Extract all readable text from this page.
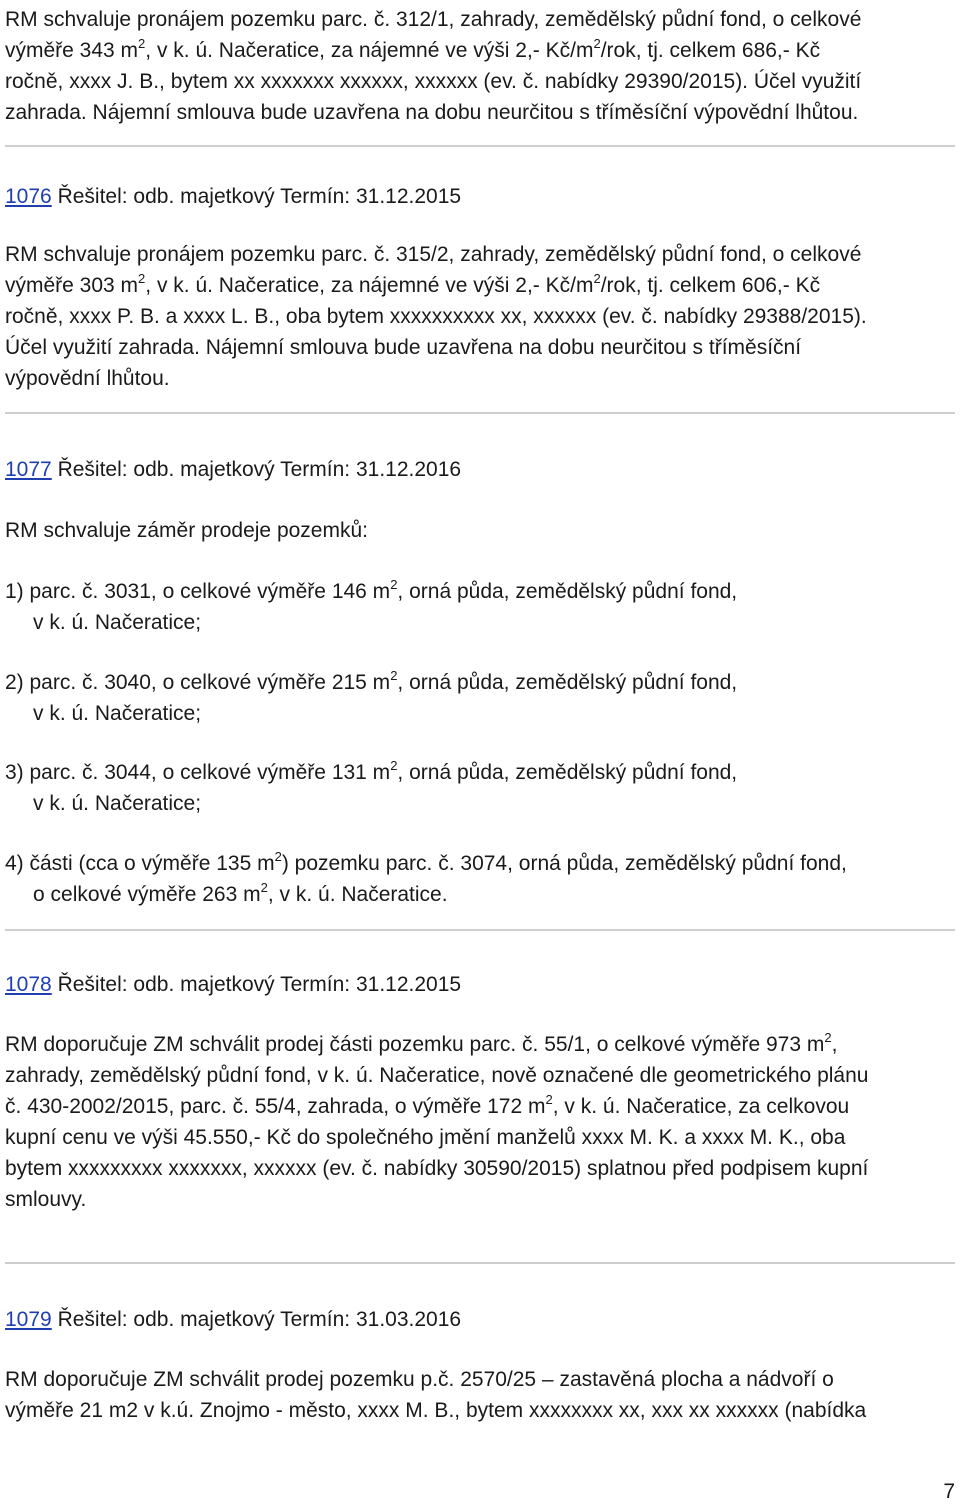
RM schvaluje pronájem pozemku parc. č. 312/1, zahrady, zemědělský půdní fond, o celkové

výměře 343 $m^2$, v k. ú. Načeratice, za nájemné ve výši 2,- $Kč/m^2$/rok, tj. celkem 686,- Kč

ročně, xxxx J. B., bytem xx xxxxxxx xxxxxx, xxxxxx (ev. č. nabídky 29390/2015). Účel využití

zahrada. Nájemní smlouva bude uzavřena na dobu neurčitou s tříměsíční výpovědní lhůtou.

1076 Řešitel: odb. majetkový Termín: 31.12.2015

RM schvaluje pronájem pozemku parc. č. 315/2, zahrady, zemědělský půdní fond, o celkové

výměře 303 $m^2$, v k. ú. Načeratice, za nájemné ve výši 2,- $Kč/m^2$/rok, tj. celkem 606,- Kč

ročně, xxxx P. B. a xxxx L. B., oba bytem xxxxxxxxxx xx, xxxxxx (ev. č. nabídky 29388/2015).

Účel využití zahrada. Nájemní smlouva bude uzavřena na dobu neurčitou s tříměsíční

výpovědní lhůtou.

1077 Řešitel: odb. majetkový Termín: 31.12.2016

RM schvaluje záměr prodeje pozemků:

1) parc. č. 3031, o celkové výměře 146 $m^2$, orná půda, zemědělský půdní fond,
v k. ú. Načeratice;
2) parc. č. 3040, o celkové výměře 215 $m^2$, orná půda, zemědělský půdní fond,
v k. ú. Načeratice;
3) parc. č. 3044, o celkové výměře 131 $m^2$, orná půda, zemědělský půdní fond,
v k. ú. Načeratice;
4) části (cca o výměře 135 $m^2$) pozemku parc. č. 3074, orná půda, zemědělský půdní fond,
o celkové výměře 263 $m^2$, v k. ú. Načeratice.
1078 Řešitel: odb. majetkový Termín: 31.12.2015

RM doporučuje ZM schválit prodej části pozemku parc. č. 55/1, o celkové výměře 973 $m^2$,

zahrady, zemědělský půdní fond, v k. ú. Načeratice, nově označené dle geometrického plánu

č. 430-2002/2015, parc. č. 55/4, zahrada, o výměře 172 $m^2$, v k. ú. Načeratice, za celkovou

kupní cenu ve výši 45.550,- Kč do společného jmění manželů xxxx M. K. a xxxx M. K., oba

bytem xxxxxxxxx xxxxxxx, xxxxxx (ev. č. nabídky 30590/2015) splatnou před podpisem kupní

smlouvy.

1079 Řešitel: odb. majetkový Termín: 31.03.2016

RM doporučuje ZM schválit prodej pozemku p.č. 2570/25 – zastavěná plocha a nádvoří o

výměře 21 m2 v k.ú. Znojmo - město, xxxx M. B., bytem xxxxxxxx xx, xxx xx xxxxxx (nabídka

7
